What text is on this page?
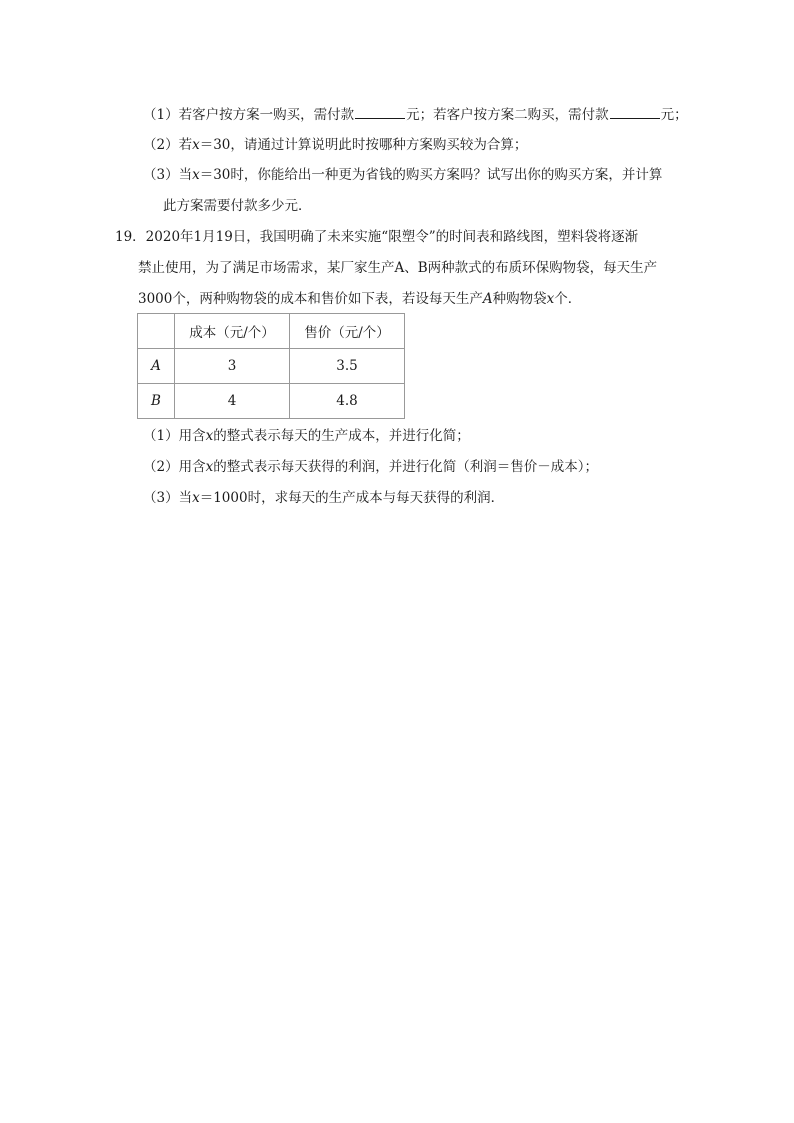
（1）若客户按方案一购买，需付款	元；若客户按方案二购买，需付款	元；
（2）若x＝30，请通过计算说明此时按哪种方案购买较为合算；
（3）当x＝30时，你能给出一种更为省钱的购买方案吗？试写出你的购买方案，并计算
此方案需要付款多少元．
19．2020年1月19日，我国明确了未来实施“限塑令”的时间表和路线图，塑料袋将逐渐
禁止使用，为了满足市场需求，某厂家生产A、B两种款式的布质环保购物袋，每天生产
3000个，两种购物袋的成本和售价如下表，若设每天生产A种购物袋x个．
	成本（元/个）	售价（元/个）
A	3	3.5
B	4	4.8
（1）用含x的整式表示每天的生产成本，并进行化简；
（2）用含x的整式表示每天获得的利润，并进行化简（利润＝售价－成本）；
（3）当x＝1000时，求每天的生产成本与每天获得的利润．
